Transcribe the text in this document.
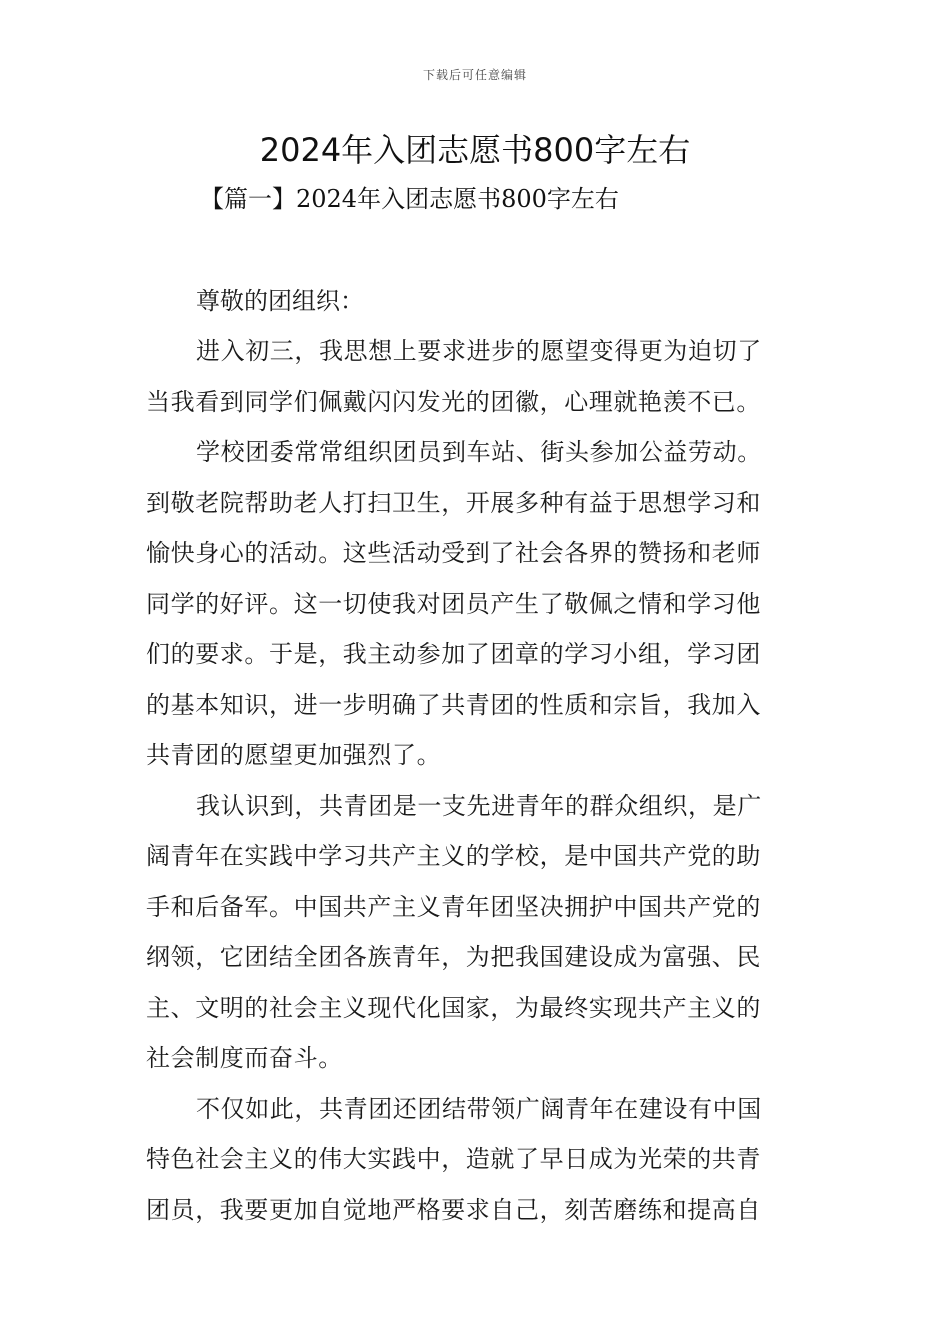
下载后可任意编辑
2024年入团志愿书800字左右
【篇一】2024年入团志愿书800字左右

尊敬的团组织：

进入初三，我思想上要求进步的愿望变得更为迫切了

当我看到同学们佩戴闪闪发光的团徽，心理就艳羡不已。

学校团委常常组织团员到车站、街头参加公益劳动。

到敬老院帮助老人打扫卫生，开展多种有益于思想学习和

愉快身心的活动。这些活动受到了社会各界的赞扬和老师

同学的好评。这一切使我对团员产生了敬佩之情和学习他

们的要求。于是，我主动参加了团章的学习小组，学习团

的基本知识，进一步明确了共青团的性质和宗旨，我加入

共青团的愿望更加强烈了。

我认识到，共青团是一支先进青年的群众组织，是广

阔青年在实践中学习共产主义的学校，是中国共产党的助

手和后备军。中国共产主义青年团坚决拥护中国共产党的

纲领，它团结全团各族青年，为把我国建设成为富强、民

主、文明的社会主义现代化国家，为最终实现共产主义的

社会制度而奋斗。

不仅如此，共青团还团结带领广阔青年在建设有中国

特色社会主义的伟大实践中，造就了早日成为光荣的共青

团员，我要更加自觉地严格要求自己，刻苦磨练和提高自
